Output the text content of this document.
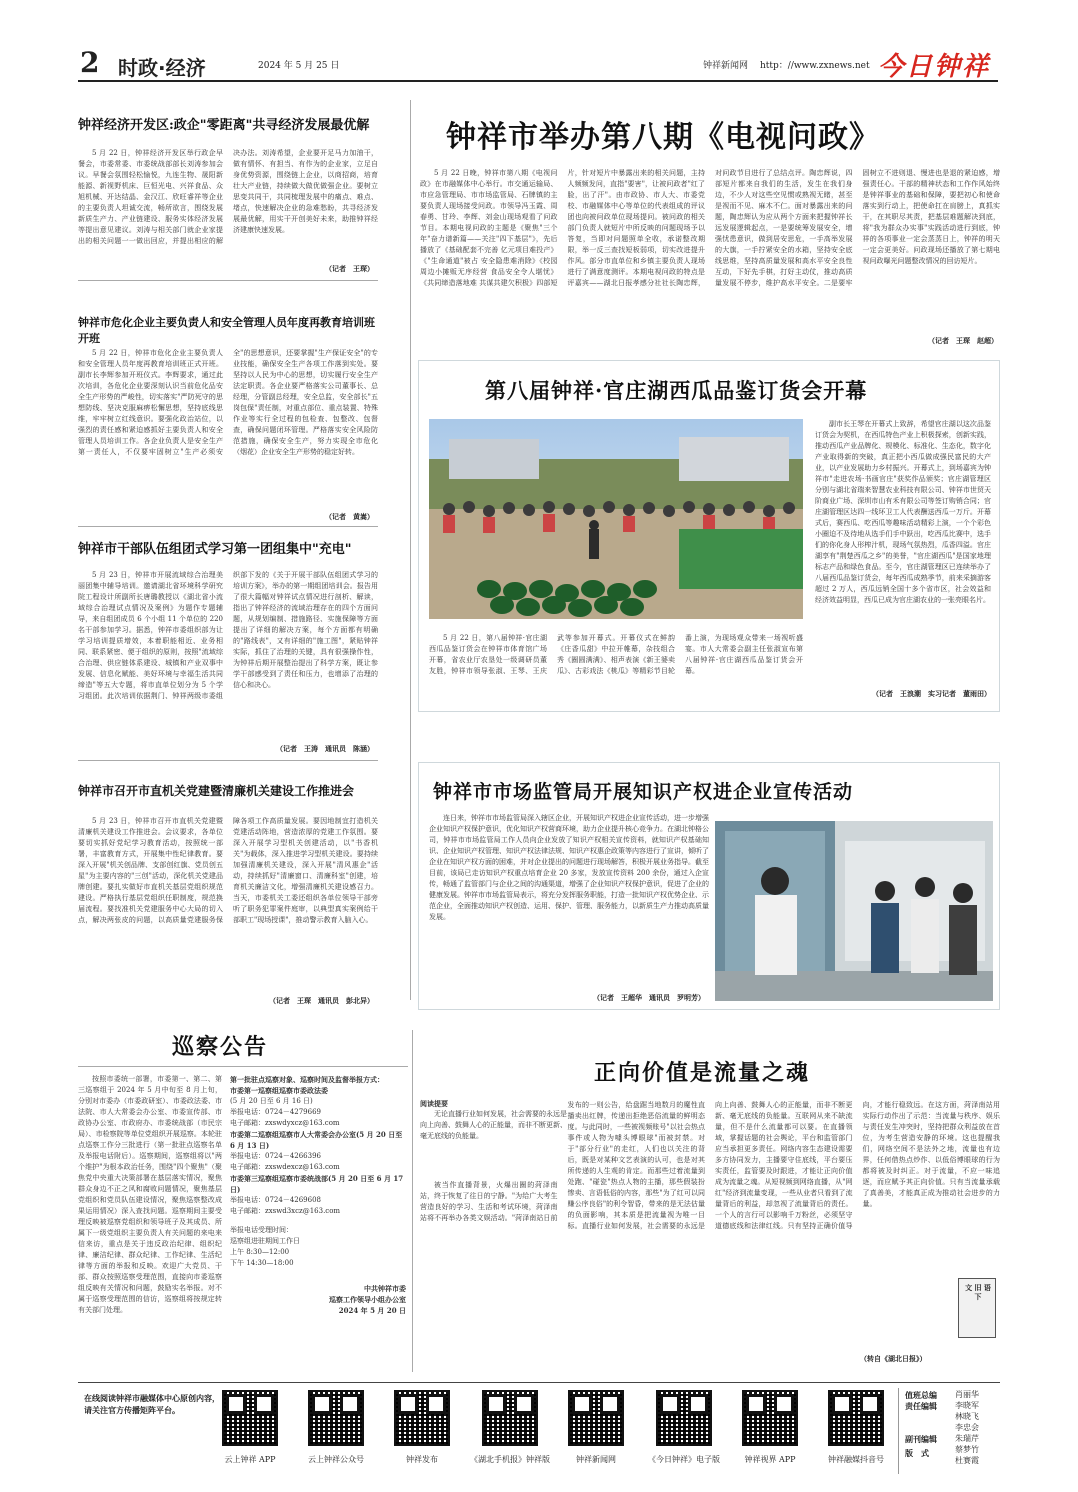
2 时政·经济	2024 年 5 月 25 日	钟祥新闻网 http：//www.zxnews.net 今日钟祥
钟祥经济开发区:政企"零距离"共寻经济发展最优解

5 月 22 日，钟祥经济开发区举行政企早餐会，市委常委、市委统战部部长刘涛参加会议。早餐会氛围轻松愉悦，九连生物、晟阳新能源、新视野机床、巨恒光电、兴祥食品、众旭机械、开达结晶、金汉江、欣旺睿祥等企业的主要负责人坦诚交流，畅所欲言，围绕发展新质生产力、产业链建设、服务实体经济发展等提出意见建议。刘涛与相关部门就企业家提出的相关问题一一做出回应，并提出相应的解决办法。刘涛希望，企业要开足马力加油干，做有情怀、有担当、有作为的企业家，立足自身优势资源，围绕链上企业，以商招商，培育壮大产业链，持续做大做优做强企业。要树立思变共同干，共同梳理发展中的痛点、难点、堵点，快速解决企业的急难愁盼，共寻经济发展最优解，用实干开创美好未来，助推钟祥经济建康快速发展。

（记者　王琛）
钟祥市危化企业主要负责人和安全管理人员年度再教育培训班开班

5 月 22 日，钟祥市危化企业主要负责人和安全管理人员年度再教育培训班正式开班。副市长李辉参加开班仪式。李辉要求，通过此次培训，各危化企业要深刻认识当前危化品安全生产形势的严峻性，切实落实"严防死守的思想防线、坚决克服麻痹松懈思想，坚持底线思维，牢牢树立红线意识。要强化政治站位，以强烈的责任感和紧迫感抓好主要负责人和安全管理人员培训工作。各企业负责人是安全生产第一责任人，不仅要牢固树立"生产必须安全"的思想意识，还要掌握"生产保证安全"的专业技能，确保安全生产各项工作落到实处。要坚持以人民为中心的思想，切实履行安全生产法定职责。各企业要严格落实公司董事长、总经理，分管副总经理，安全总监，安全部长"五岗包保"责任制，对重点部位、重点装置、特殊作业等实行全过程的包检查、包整改、包督查，确保问题闭环管理。严格落实安全风险防范措施，确保安全生产，努力实现全市危化（烟花）企业安全生产形势的稳定好转。

（记者　黄嵩）
钟祥市干部队伍组团式学习第一团组集中"充电"

5 月 23 日，钟祥市开展流域综合治理美丽团集中辅导培训。邀请湖北省环境科学研究院工程设计所副所长唐璐教授以《湖北省小流域综合治理试点情况及案例》为题作专题辅导，来自组团成员 6 个小组 11 个单位的 220 名干部参加学习。据悉，钟祥市委组织部为让学习培训提质增效，本着职能相近、业务相同、联系紧密、便于组织的原则，按照"流域综合治理、供应链体系建设、城镇和产业双事中发展、信息化赋能、美好环境与幸福生活共同缔造"等五大专题，将市直单位划分为 5 个学习组团。此次培训依据荆门、钟祥两级市委组织部下发的《关于开展干部队伍组团式学习的培训方案》，举办的第一期组团培训会。报告用了很大篇幅对钟祥试点情况进行剖析、解读，指出了钟祥经济的流域治理存在的四个方面问题，从规划编制、措施路径、实施保障等方面提出了详细的解决方案，每个方面都有明确的"路线表"，又有详细的"施工图"，紧贴钟祥实际，抓住了治理的关键，具有很强操作性，为钟祥后期开展整治提出了科学方案，既让参学干部感受到了责任和压力，也增添了治理的信心和决心。

（记者　王涛　通讯员　陈涵）
钟祥市召开市直机关党建暨清廉机关建设工作推进会

5 月 23 日，钟祥市召开市直机关党建暨清廉机关建设工作推进会。会议要求，各单位要切实抓好党纪学习教育活动，按照统一部署，丰富教育方式，开展集中性纪律教育。要深入开展"机关创品牌、支部创红旗、党员创五星"为主要内容的"三创"活动，深化机关党建品牌创建。要扎实做好市直机关基层党组织规范建设。严格执行基层党组织任职制度，规范换届流程。要找准机关党建服务中心大局的切入点，解决两张皮的问题，以高质量党建服务保障各项工作高质量发展。要因地制宜打造机关党建活动阵地，营造浓厚的党建工作氛围。要深入开展学习型机关创建活动，以"书香机关"为载体，深入推进学习型机关建设。要持续加强清廉机关建设，深入开展"清风惠企"活动，持续抓好"清廉窗口、清廉科室"创建，培育机关廉洁文化，增强清廉机关建设感召力。当天，市委机关工委还组织各单位领导干部旁听了职务犯罪案件庭审，以典型真实案例给干部职工"现场授课"，推动警示教育入脑入心。

（记者　王琛　通讯员　彭北异）
钟祥市举办第八期《电视问政》

5 月 22 日晚，钟祥市第八期《电视问政》在市融媒体中心举行。市交通运输局、市应急管理局、市市场监管局、石牌镇的主要负责人现场接受问政。市领导冯玉霞、周春勇、甘玲、李辉、刘金山现场观看了问政节目。本期电视问政的主题是《聚焦"三个年"奋力谱新篇——关注"四下基层"》，先后播放了《基础配套不完善 亿元项目难投产》《"生命通道"被占 安全隐患难消除》《校园周边小摊贩无序经营 食品安全令人堪忧》《共同缔造落地难 共谋共建欠积极》四部短片，针对短片中暴露出来的相关问题，主持人频频发问，直指"要害"，让被问政者"红了脸，出了汗"。由市政协、市人大、市委党校、市融媒体中心等单位的代表组成的评议团也向被问政单位现场提问。被问政的相关部门负责人就短片中所反映的问题现场予以答复，当即对问题照单全收，承诺整改期限，举一反三查找短板弱项，切实改进提升作风。部分市直单位和乡镇主要负责人现场进行了满意度测评。本期电视问政的特点是评嘉宾——湖北日报孝感分社社长陶忠辉，对问政节目进行了总结点评。陶忠辉说，四部短片都来自我们的生活，发生在我们身边，不少人对这些空见惯或熟视无睹，甚至是视而不见、麻木不仁。面对暴露出来的问题，陶忠辉认为应从两个方面来把握钟祥长远发展逻辑起点，一是要统筹发展安全，增强忧患意识，做到居安思危，一手高举发展的大旗，一手拧紧安全的水箱，坚持安全底线思维，坚持高质量发展和高水平安全良性互动，下好先手棋，打好主动仗，推动高质量发展不停步，维护高水平安全。二是要牢固树立不进则退、慢进也是退的紧迫感，增强责任心。干部的精神状态和工作作风始终是钟祥事业的基础和保障，要把初心和使命落实到行动上，把使命扛在肩膀上，真抓实干，在其职尽其责，把基层难题解决到底，将"我为群众办实事"实践活动进行到底，钟祥的各项事业一定会蒸蒸日上，钟祥的明天一定会更美好。问政现场还播放了第七期电视问政曝光问题整改情况的回访短片。

（记者　王琛　赵超）
第八届钟祥·官庄湖西瓜品鉴订货会开幕

副市长王琴在开幕式上致辞，希望官庄湖以这次品鉴订货会为契机，在西瓜特色产业上积极探索，创新实践，推动西瓜产业品牌化、规模化、标准化、生态化，数字化产业取得新的突破，真正把小西瓜做成强民富民的大产业，以产业发展助力乡村振兴。开幕式上，到场嘉宾为钟祥市"走进农场·书画官庄"获奖作品颁奖；官庄湖管理区分别与湖北省瑞来智慧农业科技有限公司、钟祥市世贸天阶商业广场、深圳市山有禾有限公司等签订购销合同；官庄湖管理区达四一线环卫工人代表酬送西瓜一万斤。开幕式后，赛西瓜、吃西瓜等趣味活动精彩上演，一个个彩色小圈迫不及待地从选手们手中跃出，吃西瓜比赛中，选手们的你化身人形榨汁机，现场气氛热烈，瓜香四溢。官庄湖享有"荆楚西瓜之乡"的美誉，"官庄湖西瓜"是国家地理标志产品和绿色食品。至今，官庄湖管理区已连续举办了八届西瓜品鉴订货会，每年西瓜成熟季节，前来采摘游客超过 2 万人，西瓜远销全国十多个省市区，社会效益和经济效益明显，西瓜已成为官庄湖农业的一张亮眼名片。

5 月 22 日，第八届钟祥·官庄湖西瓜品鉴订货会在钟祥市体育馆广场开幕，省农业厅农垦处一级调研员董友胜，钟祥市领导张淑、王琴、王庆武等参加开幕式。开幕仪式在鲜韵《庄香瓜甜》中拉开帷幕，杂技组合秀《圈圆满满》、相声表演《新王婆卖瓜》、古彩戏法《桃瓜》等精彩节目轮番上演，为现场观众带来一场视听盛宴。市人大常委会副主任张淑宣布第八届钟祥·官庄湖西瓜品鉴订货会开幕。

（记者　王浪潮　实习记者　董雨田）
钟祥市市场监管局开展知识产权进企业宣传活动

连日来，钟祥市市场监管局深入辖区企业，开展知识产权进企业宣传活动，进一步增强企业知识产权保护意识，优化知识产权营商环境，助力企业提升核心竞争力。在湖北钟格公司，钟祥市市场监管局工作人员向企业发放了知识产权相关宣传资料，就知识产权基础知识、企业知识产权管理、知识产权法律法规、知识产权惠企政策等内容进行了宣讲，倾听了企业在知识产权方面的困难，并对企业提出的问题进行现场解答，积极开展业务指导。截至目前，该局已走访知识产权重点培育企业 20 多家，发放宣传资料 200 余份，通过入企宣传，畅通了监管部门与企业之间的沟通渠道，增强了企业知识产权保护意识，促进了企业的健康发展。钟祥市市场监管局表示，将充分发挥服务职能，打造一批知识产权优势企业、示范企业，全面推动知识产权创造、运用、保护、管理、服务能力，以新质生产力推动高质量发展。

（记者　王超华　通讯员　罗明芳）
巡察公告

按照市委统一部署，市委第一、第二、第三巡察组于 2024 年 5 月中旬至 8 月上旬，分别对市委办（市委政研室）、市委政法委、市法院、市人大常委会办公室、市委宣传部、市政协办公室、市政府办、市委统战部（市民宗局）、市检察院等单位党组织开展巡察。本轮驻点巡察工作分三批进行（第一批驻点巡察名单及举报电话附后）。巡察期间，巡察组将以"两个维护"为根本政治任务，围绕"四个聚焦"（聚焦党中央重大决策部署在基层落实情况，聚焦群众身边不正之风和腐败问题情况，聚焦基层党组织和党员队伍建设情况，聚焦巡察整改成果运用情况）深入查找问题。巡察期间主要受理反映被巡察党组织和领导班子及其成员、所属下一级党组织主要负责人有关问题的来电来信来访，重点是关于违反政治纪律、组织纪律、廉洁纪律、群众纪律、工作纪律、生活纪律等方面的举报和反映。欢迎广大党员、干部、群众按照巡察受理范围，直接向市委巡察组反映有关情况和问题，鼓励实名举报。对不属于巡察受理范围的信访，巡察组将按规定转有关部门处理。

第一批驻点巡察对象、巡察时间及监督举报方式：
市委第一巡察组巡察市委政法委
(5 月 20 日至 6 月 16 日)
举报电话：0724－4279669
电子邮箱：zxswdyxcz@163.com
市委第二巡察组巡察市人大常委会办公室(5 月 20 日至 6 月 13 日)
举报电话：0724－4266396
电子邮箱：zxswdexcz@163.com
市委第三巡察组巡察市委统战部(5 月 20 日至 6 月 17 日)
举报电话：0724－4269608
电子邮箱：zxswd3xcz@163.com
举报电话受理时间：
巡察组进驻期间工作日
上午 8:30—12:00
下午 14:30—18:00
中共钟祥市委
巡察工作领导小组办公室
2024 年 5 月 20 日
正向价值是流量之魂
阅读提要
无论直播行业如何发展，社会需要的永远是向上向善、鼓舞人心的正能量，而非不断更新、毫无底线的负能量。

被当作直播背景，火爆出圈的菏泽南站，终于恢复了往日的宁静。"为给广大考生营造良好的学习、生活和考试环境，菏泽南站将不再举办各类文娱活动。"菏泽南站日前发布的一则公告，给盘踞当地数月的魔性直播卖出红牌，传递出拒绝恶俗流量的鲜明态度。与此同时，一些被视频账号"以社会热点事件或人物为噱头博眼球"而被封禁。对于"部分行业"的走红，人们也以关注的背后，既是对某种文艺表演的认可，也是对其所传递的人生观的肯定。而那些过着流量到处跑、"碰瓷"热点人物的主播，那些假装扮惨卖、言语低俗的内容，那些"为了红可以同赚公序良俗"的利令智昏，带来的是无法估量的负面影响，其本质是把流量视为唯一目标。直播行业如何发展，社会需要的永远是向上向善、鼓舞人心的正能量，而非不断更新、毫无底线的负能量。互联网从来不缺流量，但不是什么流量都可以要。在直播领域，掌握话题的社会舆论，平台和监管部门应当承担更多责任。网络内容生态建设需要多方协同发力，主播要守住底线，平台要压实责任，监管要及时跟进，才能让正向价值成为流量之魂。从短视频到网络直播，从"网红"经济到流量变现，一些从业者只看到了流量背后的利益，却忽视了流量背后的责任。一个人的言行可以影响千万粉丝，必须坚守道德底线和法律红线。只有坚持正确价值导向，才能行稳致远。在这方面，菏泽南站用实际行动作出了示范：当流量与秩序、娱乐与责任发生冲突时，坚持把群众利益放在首位，为考生营造安静的环境。这也提醒我们，网络空间不是法外之地，流量也有边界，任何借热点炒作、以低俗博眼球的行为都将被及时纠正。对于流量，不应一味追逐，而应赋予其正向价值。只有当流量承载了真善美，才能真正成为推动社会进步的力量。

（转自《湖北日报》）
文 旧 语 下
在线阅读钟祥市融媒体中心原创内容，请关注官方传播矩阵平台。
云上钟祥 APP	云上钟祥公众号	钟祥发布	《湖北手机报》钟祥版	钟祥新闻网	《今日钟祥》电子版	钟祥视界 APP	钟祥融媒抖音号
值班总编 肖丽华
责任编辑 李晓军
林晓飞
李忠会
副刊编辑 朱瑞芹
版　式	蔡梦竹
杜赛霞
